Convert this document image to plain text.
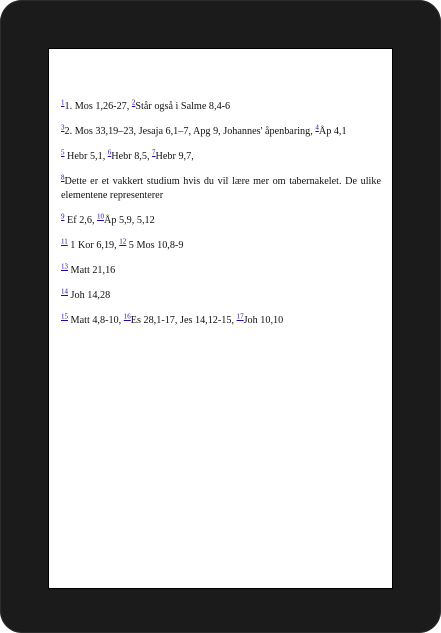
$^1$1. Mos 1,26-27, $^2$Står også i Salme 8,4-6

$^3$2. Mos 33,19–23, Jesaja 6,1–7, Apg 9, Johannes' åpenbaring, $^4$Åp 4,1

$^5$ Hebr 5,1, $^6$Hebr 8,5, $^7$Hebr 9,7,

$^8$Dette er et vakkert studium hvis du vil lære mer om tabernakelet. De ulike elementene representerer

$^9$ Ef 2,6, $^{10}$Åp 5,9, 5,12

$^{11}$ 1 Kor 6,19, $^{12}$ 5 Mos 10,8-9

$^{13}$ Matt 21,16

$^{14}$ Joh 14,28

$^{15}$ Matt 4,8-10, $^{16}$Es 28,1-17, Jes 14,12-15, $^{17}$Joh 10,10
